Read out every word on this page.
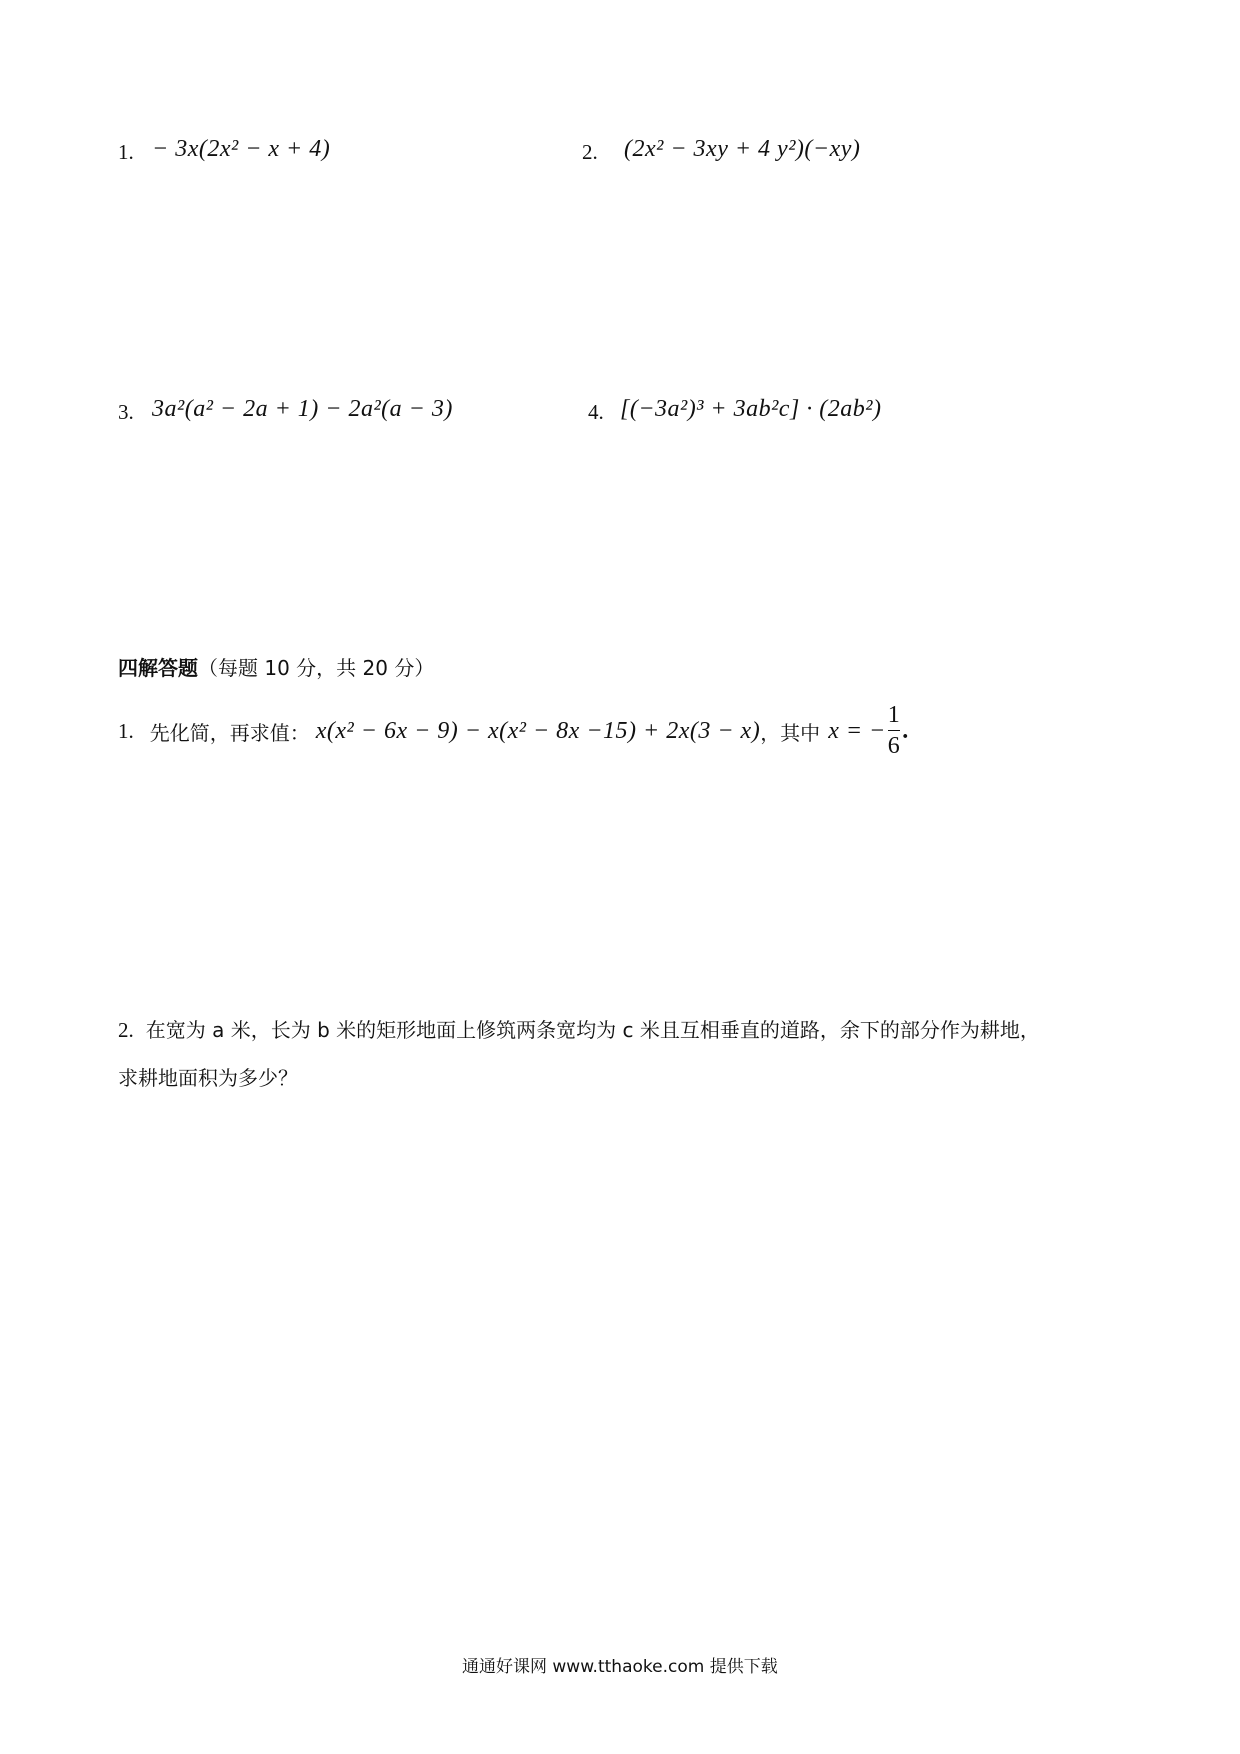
1. − 3x(2x² − x + 4)	2. (2x² − 3xy + 4 y²)(−xy)
3. 3a²(a² − 2a + 1) − 2a²(a − 3)	4. [(−3a²)³ + 3ab²c] · (2ab²)
四解答题（每题 10 分，共 20 分）
1. 先化简，再求值： x(x² − 6x − 9) − x(x² − 8x −15) + 2x(3 − x) ，其中 x = − $\frac{1}{6}$ .
2. 在宽为 a 米，长为 b 米的矩形地面上修筑两条宽均为 c 米且互相垂直的道路，余下的部分作为耕地，
求耕地面积为多少？
通通好课网 www.tthaoke.com 提供下载
